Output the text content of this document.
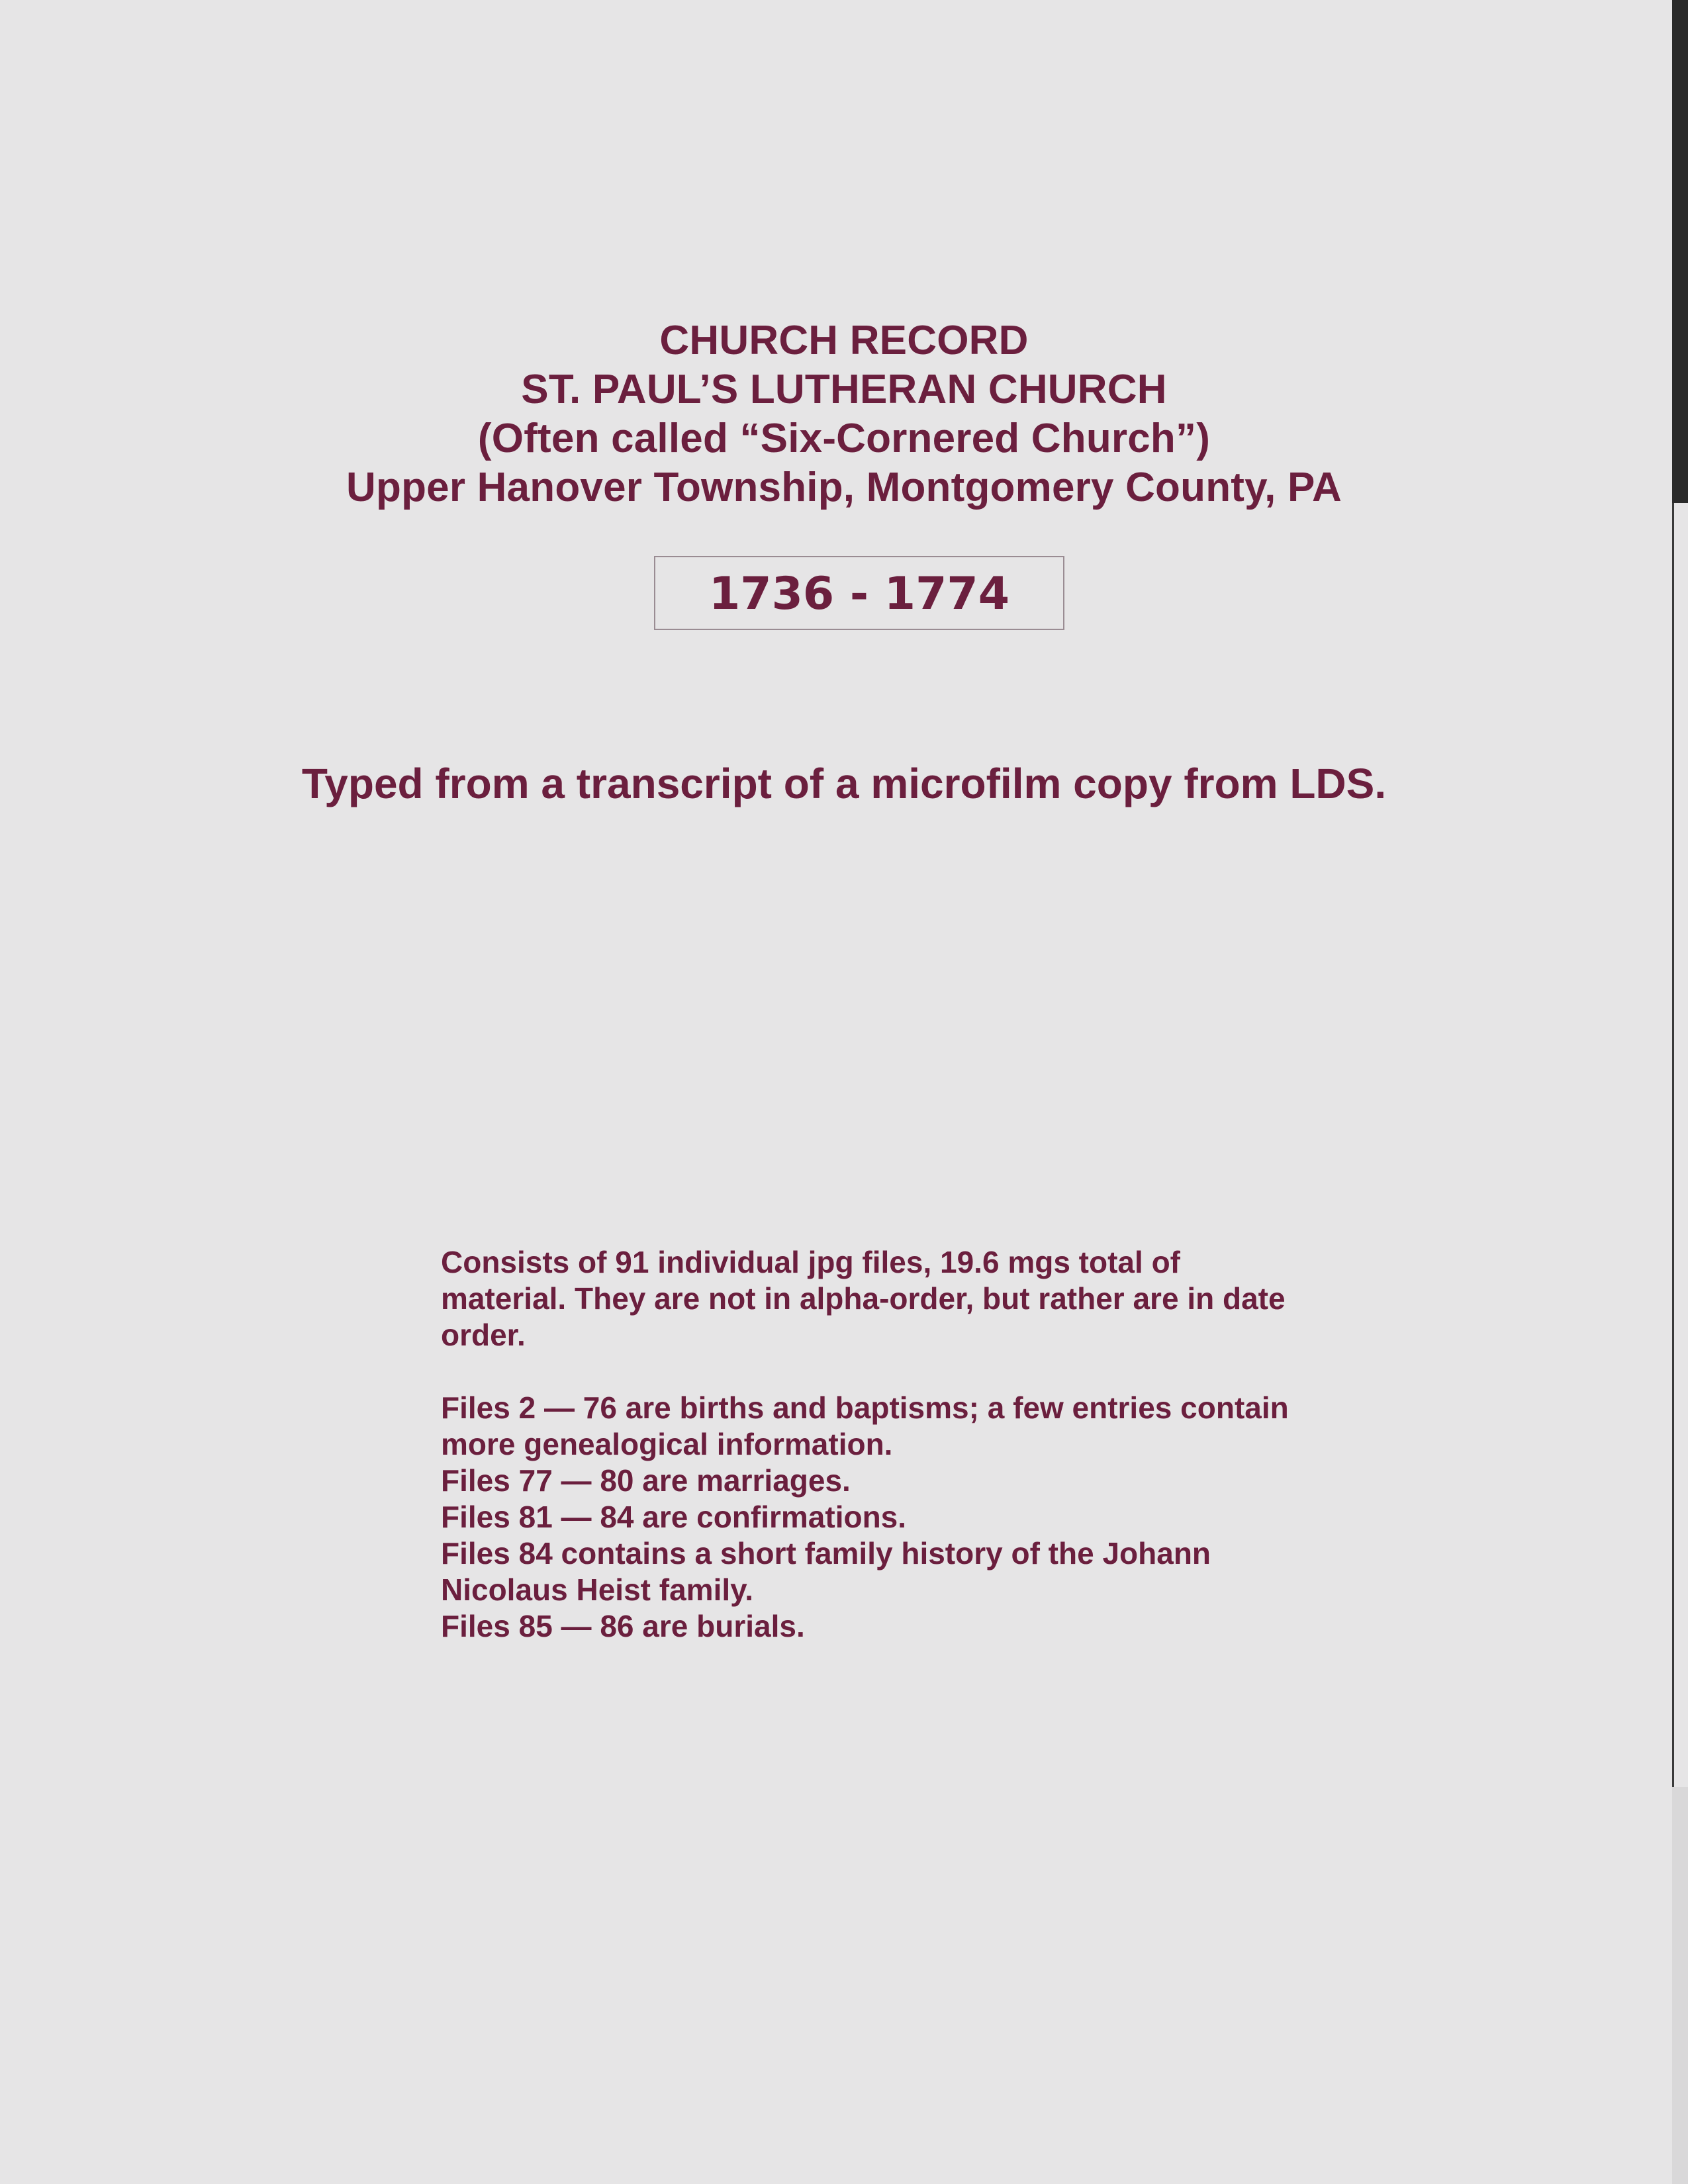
CHURCH RECORD
ST. PAUL’S LUTHERAN CHURCH
(Often called “Six-Cornered Church”)
Upper Hanover Township, Montgomery County, PA
1736 - 1774
Typed from a transcript of a microfilm copy from LDS.

Consists of 91 individual jpg files, 19.6 mgs total of material. They are not in alpha-order, but rather are in date order.

Files 2 — 76 are births and baptisms; a few entries contain more genealogical information.

Files 77 — 80 are marriages.

Files 81 — 84 are confirmations.

Files 84 contains a short family history of the Johann Nicolaus Heist family.

Files 85 — 86 are burials.
